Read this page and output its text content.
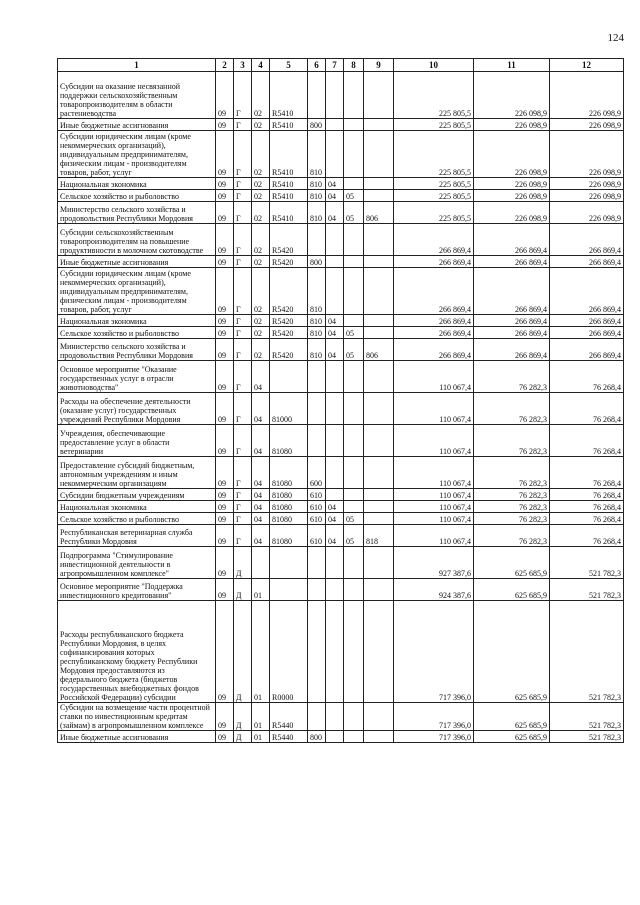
124
1	2	3	4	5	6	7	8	9	10	11	12
Субсидии на оказание несвязанной поддержки сельскохозяйственным товаропроизводителям в области растениеводства	09	Г	02	R5410					225 805,5	226 098,9	226 098,9
Иные бюджетные ассигнования	09	Г	02	R5410	800				225 805,5	226 098,9	226 098,9
Субсидии юридическим лицам (кроме некоммерческих организаций), индивидуальным предпринимателям, физическим лицам - производителям товаров, работ, услуг	09	Г	02	R5410	810				225 805,5	226 098,9	226 098,9
Национальная экономика	09	Г	02	R5410	810	04			225 805,5	226 098,9	226 098,9
Сельское хозяйство и рыболовство	09	Г	02	R5410	810	04	05		225 805,5	226 098,9	226 098,9
Министерство сельского хозяйства и продовольствия Республики Мордовия	09	Г	02	R5410	810	04	05	806	225 805,5	226 098,9	226 098,9
Субсидии сельскохозяйственным товаропроизводителям на повышение продуктивности в молочном скотоводстве	09	Г	02	R5420					266 869,4	266 869,4	266 869,4
Иные бюджетные ассигнования	09	Г	02	R5420	800				266 869,4	266 869,4	266 869,4
Субсидии юридическим лицам (кроме некоммерческих организаций), индивидуальным предпринимателям, физическим лицам - производителям товаров, работ, услуг	09	Г	02	R5420	810				266 869,4	266 869,4	266 869,4
Национальная экономика	09	Г	02	R5420	810	04			266 869,4	266 869,4	266 869,4
Сельское хозяйство и рыболовство	09	Г	02	R5420	810	04	05		266 869,4	266 869,4	266 869,4
Министерство сельского хозяйства и продовольствия Республики Мордовия	09	Г	02	R5420	810	04	05	806	266 869,4	266 869,4	266 869,4
Основное мероприятие "Оказание государственных услуг в отрасли животноводства"	09	Г	04						110 067,4	76 282,3	76 268,4
Расходы на обеспечение деятельности (оказание услуг) государственных учреждений Республики Мордовия	09	Г	04	81000					110 067,4	76 282,3	76 268,4
Учреждения, обеспечивающие предоставление услуг в области ветеринарии	09	Г	04	81080					110 067,4	76 282,3	76 268,4
Предоставление субсидий бюджетным, автономным учреждениям и иным некоммерческим организациям	09	Г	04	81080	600				110 067,4	76 282,3	76 268,4
Субсидии бюджетным учреждениям	09	Г	04	81080	610				110 067,4	76 282,3	76 268,4
Национальная экономика	09	Г	04	81080	610	04			110 067,4	76 282,3	76 268,4
Сельское хозяйство и рыболовство	09	Г	04	81080	610	04	05		110 067,4	76 282,3	76 268,4
Республиканская ветеринарная служба Республики Мордовия	09	Г	04	81080	610	04	05	818	110 067,4	76 282,3	76 268,4
Подпрограмма "Стимулирование инвестиционной деятельности в агропромышленном комплексе"	09	Д							927 387,6	625 685,9	521 782,3
Основное мероприятие "Поддержка инвестиционного кредитования"	09	Д	01						924 387,6	625 685,9	521 782,3
Расходы республиканского бюджета Республики Мордовия, в целях софинансирования которых республиканскому бюджету Республики Мордовия предоставляются из федерального бюджета (бюджетов государственных внебюджетных фондов Российской Федерации) субсидии	09	Д	01	R0000					717 396,0	625 685,9	521 782,3
Субсидии на возмещение части процентной ставки по инвестиционным кредитам (займам) в агропромышленном комплексе	09	Д	01	R5440					717 396,0	625 685,9	521 782,3
Иные бюджетные ассигнования	09	Д	01	R5440	800				717 396,0	625 685,9	521 782,3
